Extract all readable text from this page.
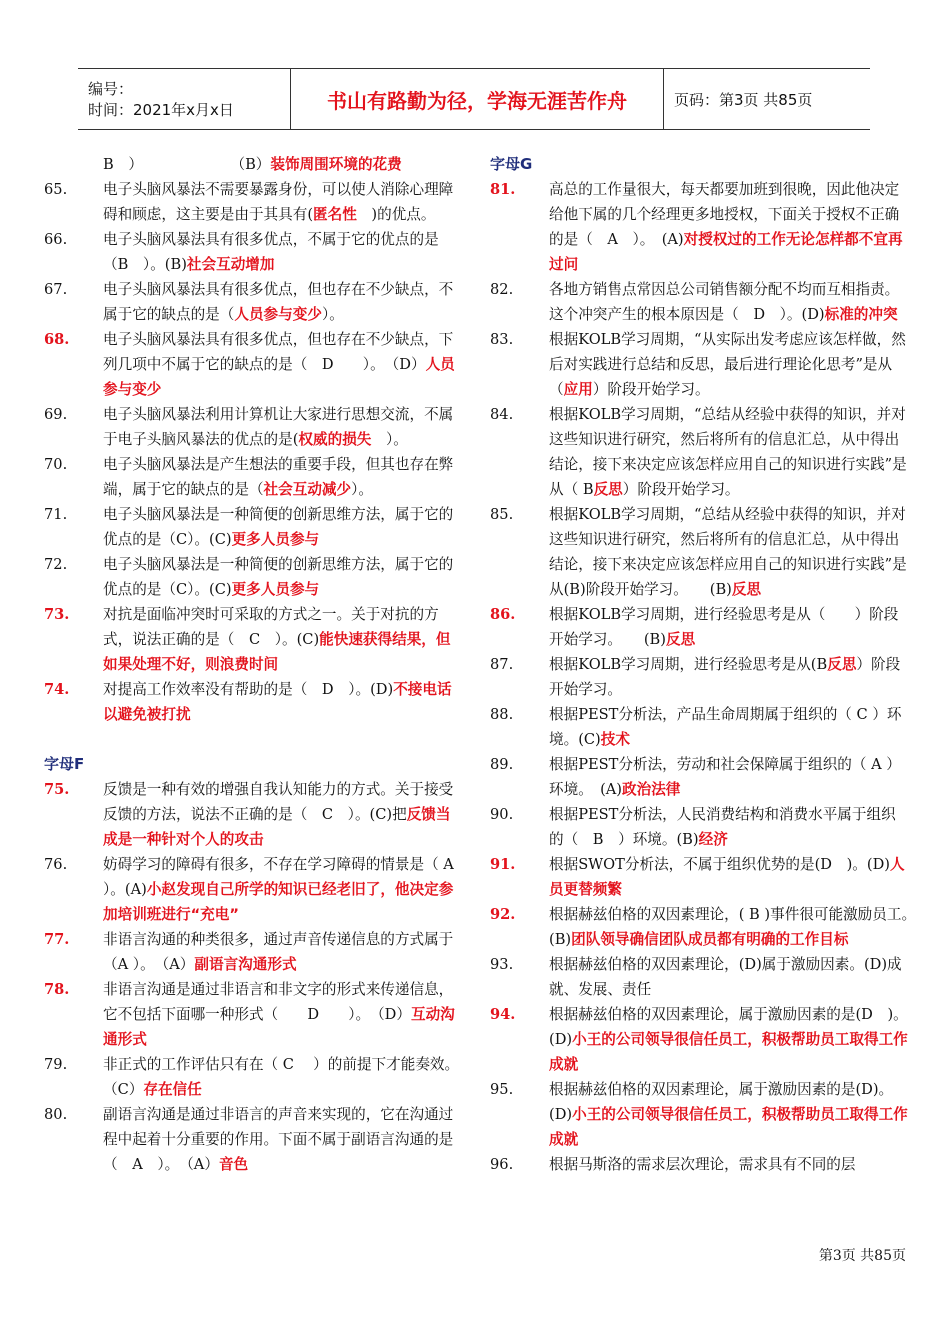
编号：
时间：2021年x月x日	书山有路勤为径，学海无涯苦作舟	页码：第3页 共85页
B　）　　　　　　　（B）装饰周围环境的花费
65.	电子头脑风暴法不需要暴露身份，可以使人消除心理障碍和顾虑，这主要是由于其具有(匿名性　)的优点。
66.	电子头脑风暴法具有很多优点，不属于它的优点的是（B　）。(B)社会互动增加
67.	电子头脑风暴法具有很多优点，但也存在不少缺点，不属于它的缺点的是（人员参与变少）。
68.	电子头脑风暴法具有很多优点，但也存在不少缺点，下列几项中不属于它的缺点的是（　D　　）。　（D）人员参与变少
69.	电子头脑风暴法利用计算机让大家进行思想交流，不属于电子头脑风暴法的优点的是(权威的损失　）。
70.	电子头脑风暴法是产生想法的重要手段，但其也存在弊端，属于它的缺点的是（社会互动减少）。
71.	电子头脑风暴法是一种简便的创新思维方法，属于它的优点的是（C）。(C)更多人员参与
72.	电子头脑风暴法是一种简便的创新思维方法，属于它的优点的是（C）。(C)更多人员参与
73.	对抗是面临冲突时可采取的方式之一。关于对抗的方式，说法正确的是（　C　）。(C)能快速获得结果，但如果处理不好，则浪费时间
74.	对提高工作效率没有帮助的是（　D　）。(D)不接电话以避免被打扰
字母F
75.	反馈是一种有效的增强自我认知能力的方式。关于接受反馈的方法，说法不正确的是（　C　）。(C)把反馈当成是一种针对个人的攻击
76.	妨碍学习的障碍有很多，不存在学习障碍的情景是（ A ）。(A)小赵发现自己所学的知识已经老旧了，他决定参加培训班进行“充电”
77.	非语言沟通的种类很多，通过声音传递信息的方式属于（A ）。　（A）副语言沟通形式
78.	非语言沟通是通过非语言和非文字的形式来传递信息，它不包括下面哪一种形式（　　D　　）。　（D）互动沟通形式
79.	非正式的工作评估只有在（ C　 ）的前提下才能奏效。　　（C）存在信任
80.	副语言沟通是通过非语言的声音来实现的，它在沟通过程中起着十分重要的作用。下面不属于副语言沟通的是（　A　）。　（A）音色
字母G
81.	高总的工作量很大，每天都要加班到很晚，因此他决定给他下属的几个经理更多地授权，下面关于授权不正确的是（　A　）。　(A)对授权过的工作无论怎样都不宜再过问
82.	各地方销售点常因总公司销售额分配不均而互相指责。这个冲突产生的根本原因是（　D　）。(D)标准的冲突
83.	根据KOLB学习周期，“从实际出发考虑应该怎样做，然后对实践进行总结和反思，最后进行理论化思考”是从（应用）阶段开始学习。
84.	根据KOLB学习周期，“总结从经验中获得的知识，并对这些知识进行研究，然后将所有的信息汇总，从中得出结论，接下来决定应该怎样应用自己的知识进行实践”是从（ B反思）阶段开始学习。
85.	根据KOLB学习周期，“总结从经验中获得的知识，并对这些知识进行研究，然后将所有的信息汇总，从中得出结论，接下来决定应该怎样应用自己的知识进行实践”是从(B)阶段开始学习。　　(B)反思
86.	根据KOLB学习周期，进行经验思考是从（　　）阶段开始学习。　　(B)反思
87.	根据KOLB学习周期，进行经验思考是从(B反思）阶段开始学习。
88.	根据PEST分析法，产品生命周期属于组织的（ C ）环境。(C)技术
89.	根据PEST分析法，劳动和社会保障属于组织的（ A ）环境。　(A)政治法律
90.	根据PEST分析法，人民消费结构和消费水平属于组织的（　B　）环境。(B)经济
91.	根据SWOT分析法，不属于组织优势的是(D　)。(D)人员更替频繁
92.	根据赫兹伯格的双因素理论，( B )事件很可能激励员工。　(B)团队领导确信团队成员都有明确的工作目标
93.	根据赫兹伯格的双因素理论，(D)属于激励因素。(D)成就、发展、责任
94.	根据赫兹伯格的双因素理论，属于激励因素的是(D　)。(D)小王的公司领导很信任员工，积极帮助员工取得工作成就
95.	根据赫兹伯格的双因素理论，属于激励因素的是(D)。(D)小王的公司领导很信任员工，积极帮助员工取得工作成就
96.	根据马斯洛的需求层次理论，需求具有不同的层
第3页 共85页
